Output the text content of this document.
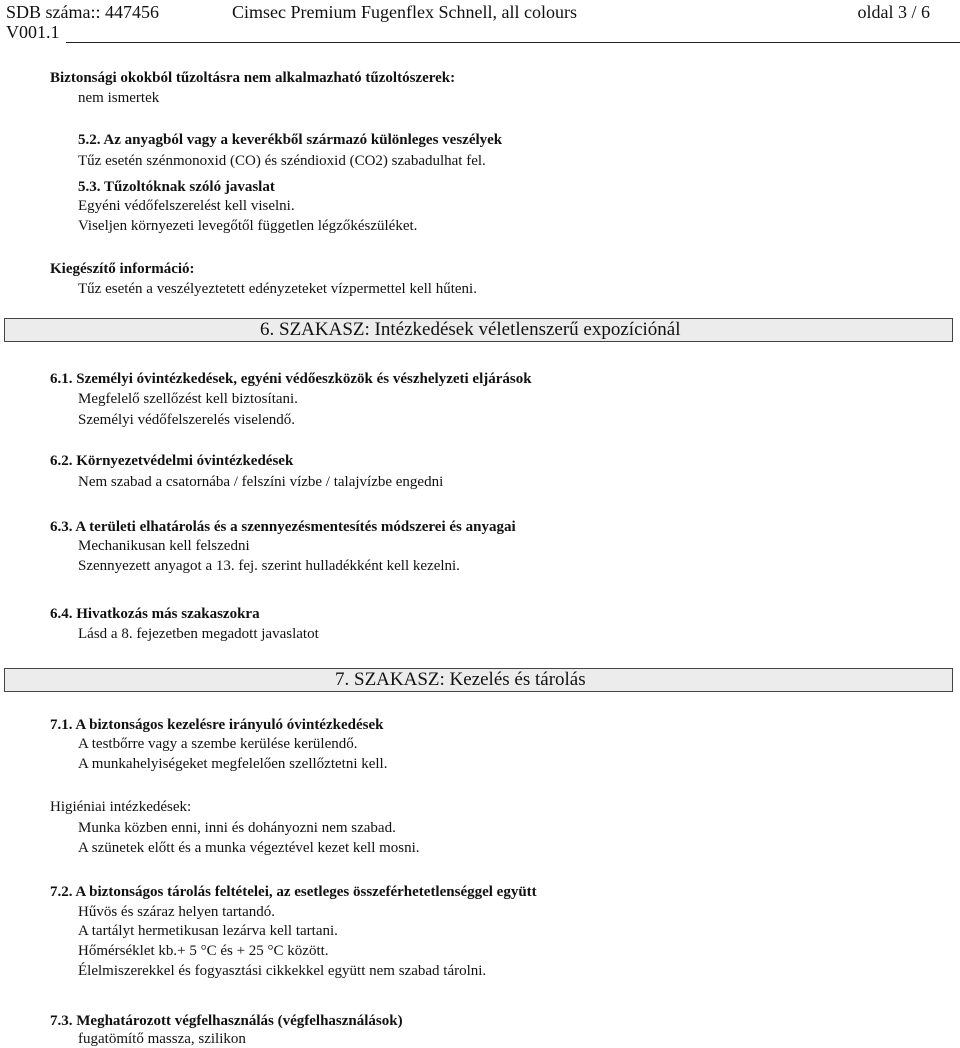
SDB száma:: 447456
V001.1
Cimsec Premium Fugenflex Schnell, all colours	oldal 3 / 6
Biztonsági okokból tűzoltásra nem alkalmazható tűzoltószerek:
nem ismertek
5.2. Az anyagból vagy a keverékből származó különleges veszélyek
Tűz esetén szénmonoxid (CO) és széndioxid (CO2) szabadulhat fel.
5.3. Tűzoltóknak szóló javaslat
Egyéni védőfelszerelést kell viselni.
Viseljen környezeti levegőtől független légzőkészüléket.
Kiegészítő információ:
Tűz esetén a veszélyeztetett edényzeteket vízpermettel kell hűteni.
6. SZAKASZ: Intézkedések véletlenszerű expozíciónál
6.1. Személyi óvintézkedések, egyéni védőeszközök és vészhelyzeti eljárások
Megfelelő szellőzést kell biztosítani.
Személyi védőfelszerelés viselendő.
6.2. Környezetvédelmi óvintézkedések
Nem szabad a csatornába / felszíni vízbe / talajvízbe engedni
6.3. A területi elhatárolás és a szennyezésmentesítés módszerei és anyagai
Mechanikusan kell felszedni
Szennyezett anyagot a 13. fej. szerint hulladékként kell kezelni.
6.4. Hivatkozás más szakaszokra
Lásd a 8. fejezetben megadott javaslatot
7. SZAKASZ: Kezelés és tárolás
7.1. A biztonságos kezelésre irányuló óvintézkedések
A testbőrre vagy a szembe kerülése kerülendő.
A munkahelyiségeket megfelelően szellőztetni kell.
Higiéniai intézkedések:
Munka közben enni, inni és dohányozni nem szabad.
A szünetek előtt és a munka végeztével kezet kell mosni.
7.2. A biztonságos tárolás feltételei, az esetleges összeférhetetlenséggel együtt
Hűvös és száraz helyen tartandó.
A tartályt hermetikusan lezárva kell tartani.
Hőmérséklet kb.+ 5 °C és + 25 °C között.
Élelmiszerekkel és fogyasztási cikkekkel együtt nem szabad tárolni.
7.3. Meghatározott végfelhasználás (végfelhasználások)
fugatömítő massza, szilikon
